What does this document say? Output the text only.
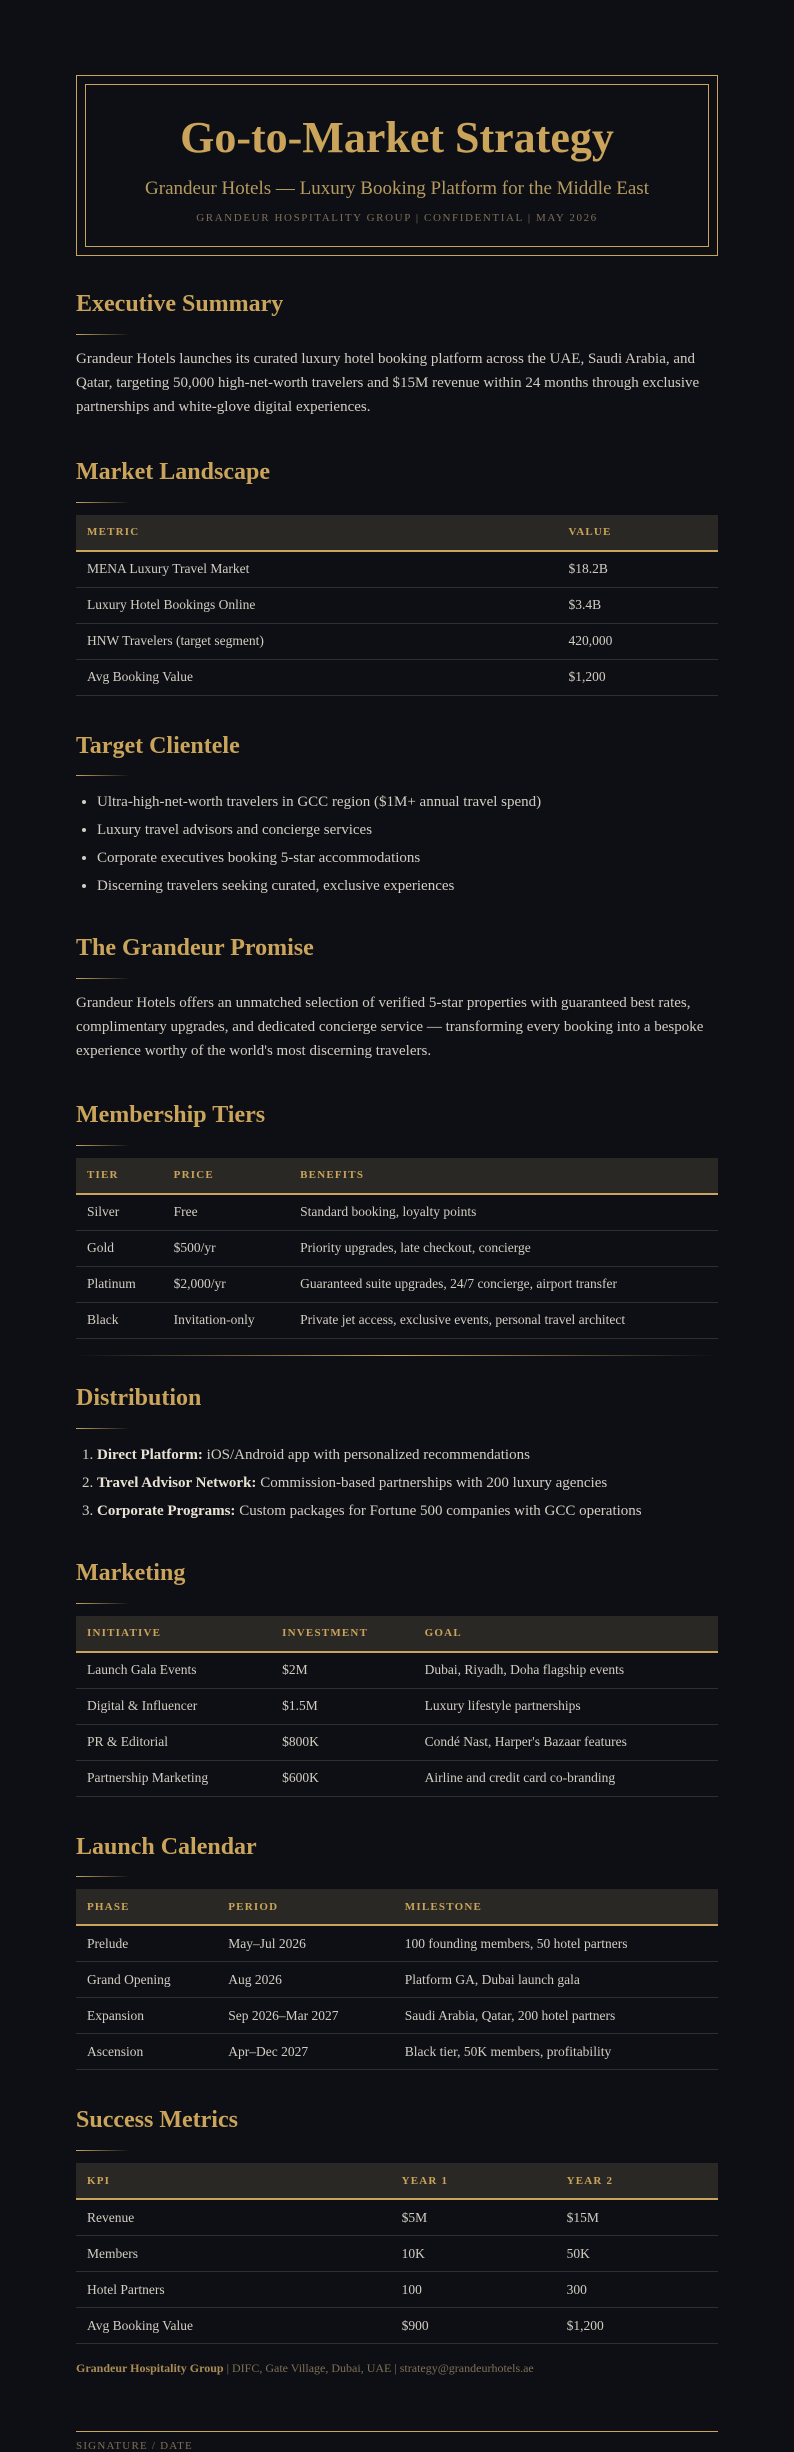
Go-to-Market Strategy
Grandeur Hotels — Luxury Booking Platform for the Middle East
GRANDEUR HOSPITALITY GROUP | CONFIDENTIAL | MAY 2026
Executive Summary

Grandeur Hotels launches its curated luxury hotel booking platform across the UAE, Saudi Arabia, and Qatar, targeting 50,000 high-net-worth travelers and $15M revenue within 24 months through exclusive partnerships and white-glove digital experiences.

Market Landscape
METRIC	VALUE
MENA Luxury Travel Market	$18.2B
Luxury Hotel Bookings Online	$3.4B
HNW Travelers (target segment)	420,000
Avg Booking Value	$1,200
Target Clientele
• Ultra-high-net-worth travelers in GCC region ($1M+ annual travel spend)
• Luxury travel advisors and concierge services
• Corporate executives booking 5-star accommodations
• Discerning travelers seeking curated, exclusive experiences
The Grandeur Promise

Grandeur Hotels offers an unmatched selection of verified 5-star properties with guaranteed best rates, complimentary upgrades, and dedicated concierge service — transforming every booking into a bespoke experience worthy of the world's most discerning travelers.

Membership Tiers
TIER	PRICE	BENEFITS
Silver	Free	Standard booking, loyalty points
Gold	$500/yr	Priority upgrades, late checkout, concierge
Platinum	$2,000/yr	Guaranteed suite upgrades, 24/7 concierge, airport transfer
Black	Invitation-only	Private jet access, exclusive events, personal travel architect
Distribution
1. Direct Platform: iOS/Android app with personalized recommendations
2. Travel Advisor Network: Commission-based partnerships with 200 luxury agencies
3. Corporate Programs: Custom packages for Fortune 500 companies with GCC operations
Marketing
INITIATIVE	INVESTMENT	GOAL
Launch Gala Events	$2M	Dubai, Riyadh, Doha flagship events
Digital & Influencer	$1.5M	Luxury lifestyle partnerships
PR & Editorial	$800K	Condé Nast, Harper's Bazaar features
Partnership Marketing	$600K	Airline and credit card co-branding
Launch Calendar
PHASE	PERIOD	MILESTONE
Prelude	May–Jul 2026	100 founding members, 50 hotel partners
Grand Opening	Aug 2026	Platform GA, Dubai launch gala
Expansion	Sep 2026–Mar 2027	Saudi Arabia, Qatar, 200 hotel partners
Ascension	Apr–Dec 2027	Black tier, 50K members, profitability
Success Metrics
KPI	YEAR 1	YEAR 2
Revenue	$5M	$15M
Members	10K	50K
Hotel Partners	100	300
Avg Booking Value	$900	$1,200
Grandeur Hospitality Group | DIFC, Gate Village, Dubai, UAE | strategy@grandeurhotels.ae
SIGNATURE / DATE
